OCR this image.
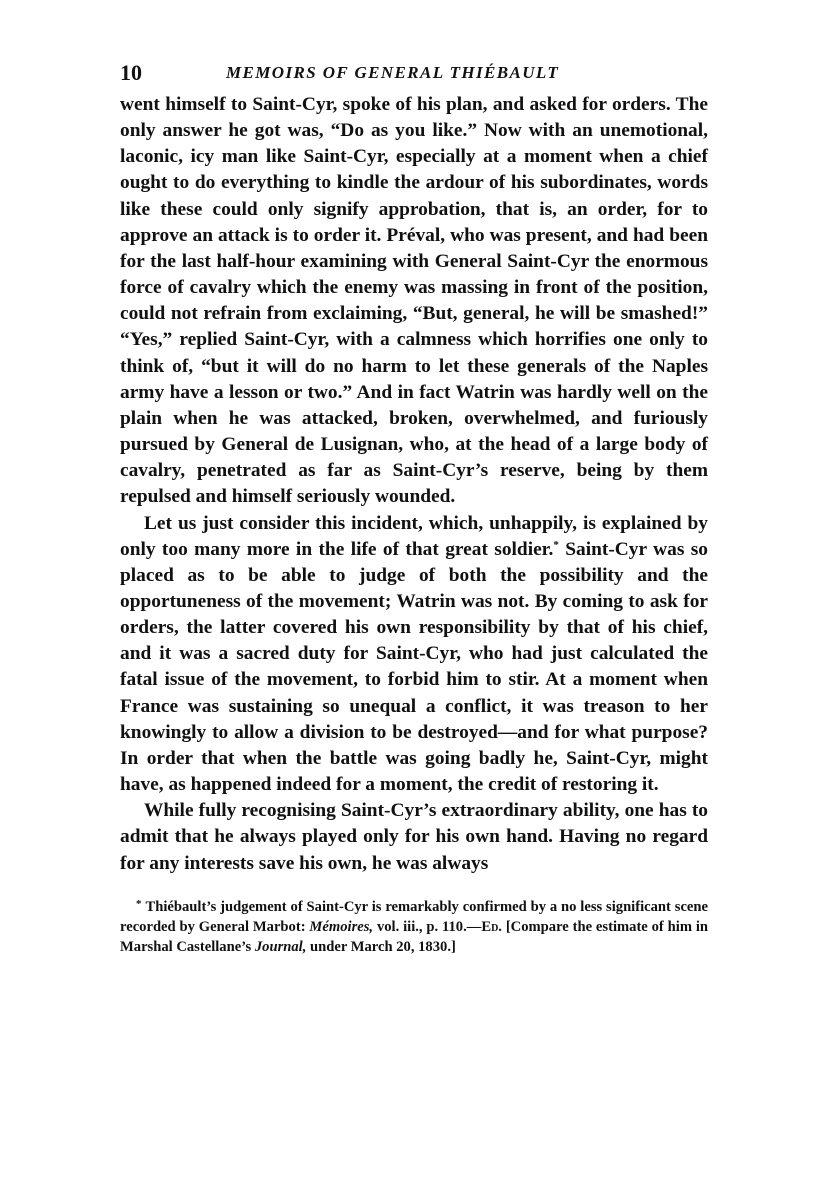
10	MEMOIRS OF GENERAL THIÉBAULT

went himself to Saint-Cyr, spoke of his plan, and asked for orders. The only answer he got was, “Do as you like.” Now with an unemotional, laconic, icy man like Saint-Cyr, especially at a moment when a chief ought to do everything to kindle the ardour of his subordinates, words like these could only signify approbation, that is, an order, for to approve an attack is to order it. Préval, who was present, and had been for the last half-hour examining with General Saint-Cyr the enormous force of cavalry which the enemy was massing in front of the position, could not refrain from exclaiming, “But, general, he will be smashed!” “Yes,” replied Saint-Cyr, with a calmness which horrifies one only to think of, “but it will do no harm to let these generals of the Naples army have a lesson or two.” And in fact Watrin was hardly well on the plain when he was attacked, broken, overwhelmed, and furiously pursued by General de Lusignan, who, at the head of a large body of cavalry, penetrated as far as Saint-Cyr’s reserve, being by them repulsed and himself seriously wounded.

Let us just consider this incident, which, unhappily, is explained by only too many more in the life of that great soldier.* Saint-Cyr was so placed as to be able to judge of both the possibility and the opportuneness of the movement; Watrin was not. By coming to ask for orders, the latter covered his own responsibility by that of his chief, and it was a sacred duty for Saint-Cyr, who had just calculated the fatal issue of the movement, to forbid him to stir. At a moment when France was sustaining so unequal a conflict, it was treason to her knowingly to allow a division to be destroyed—and for what purpose? In order that when the battle was going badly he, Saint-Cyr, might have, as happened indeed for a moment, the credit of restoring it.

While fully recognising Saint-Cyr’s extraordinary ability, one has to admit that he always played only for his own hand. Having no regard for any interests save his own, he was always

* Thiébault’s judgement of Saint-Cyr is remarkably confirmed by a no less significant scene recorded by General Marbot: Mémoires, vol. iii., p. 110.—Ed. [Compare the estimate of him in Marshal Castellane’s Journal, under March 20, 1830.]
